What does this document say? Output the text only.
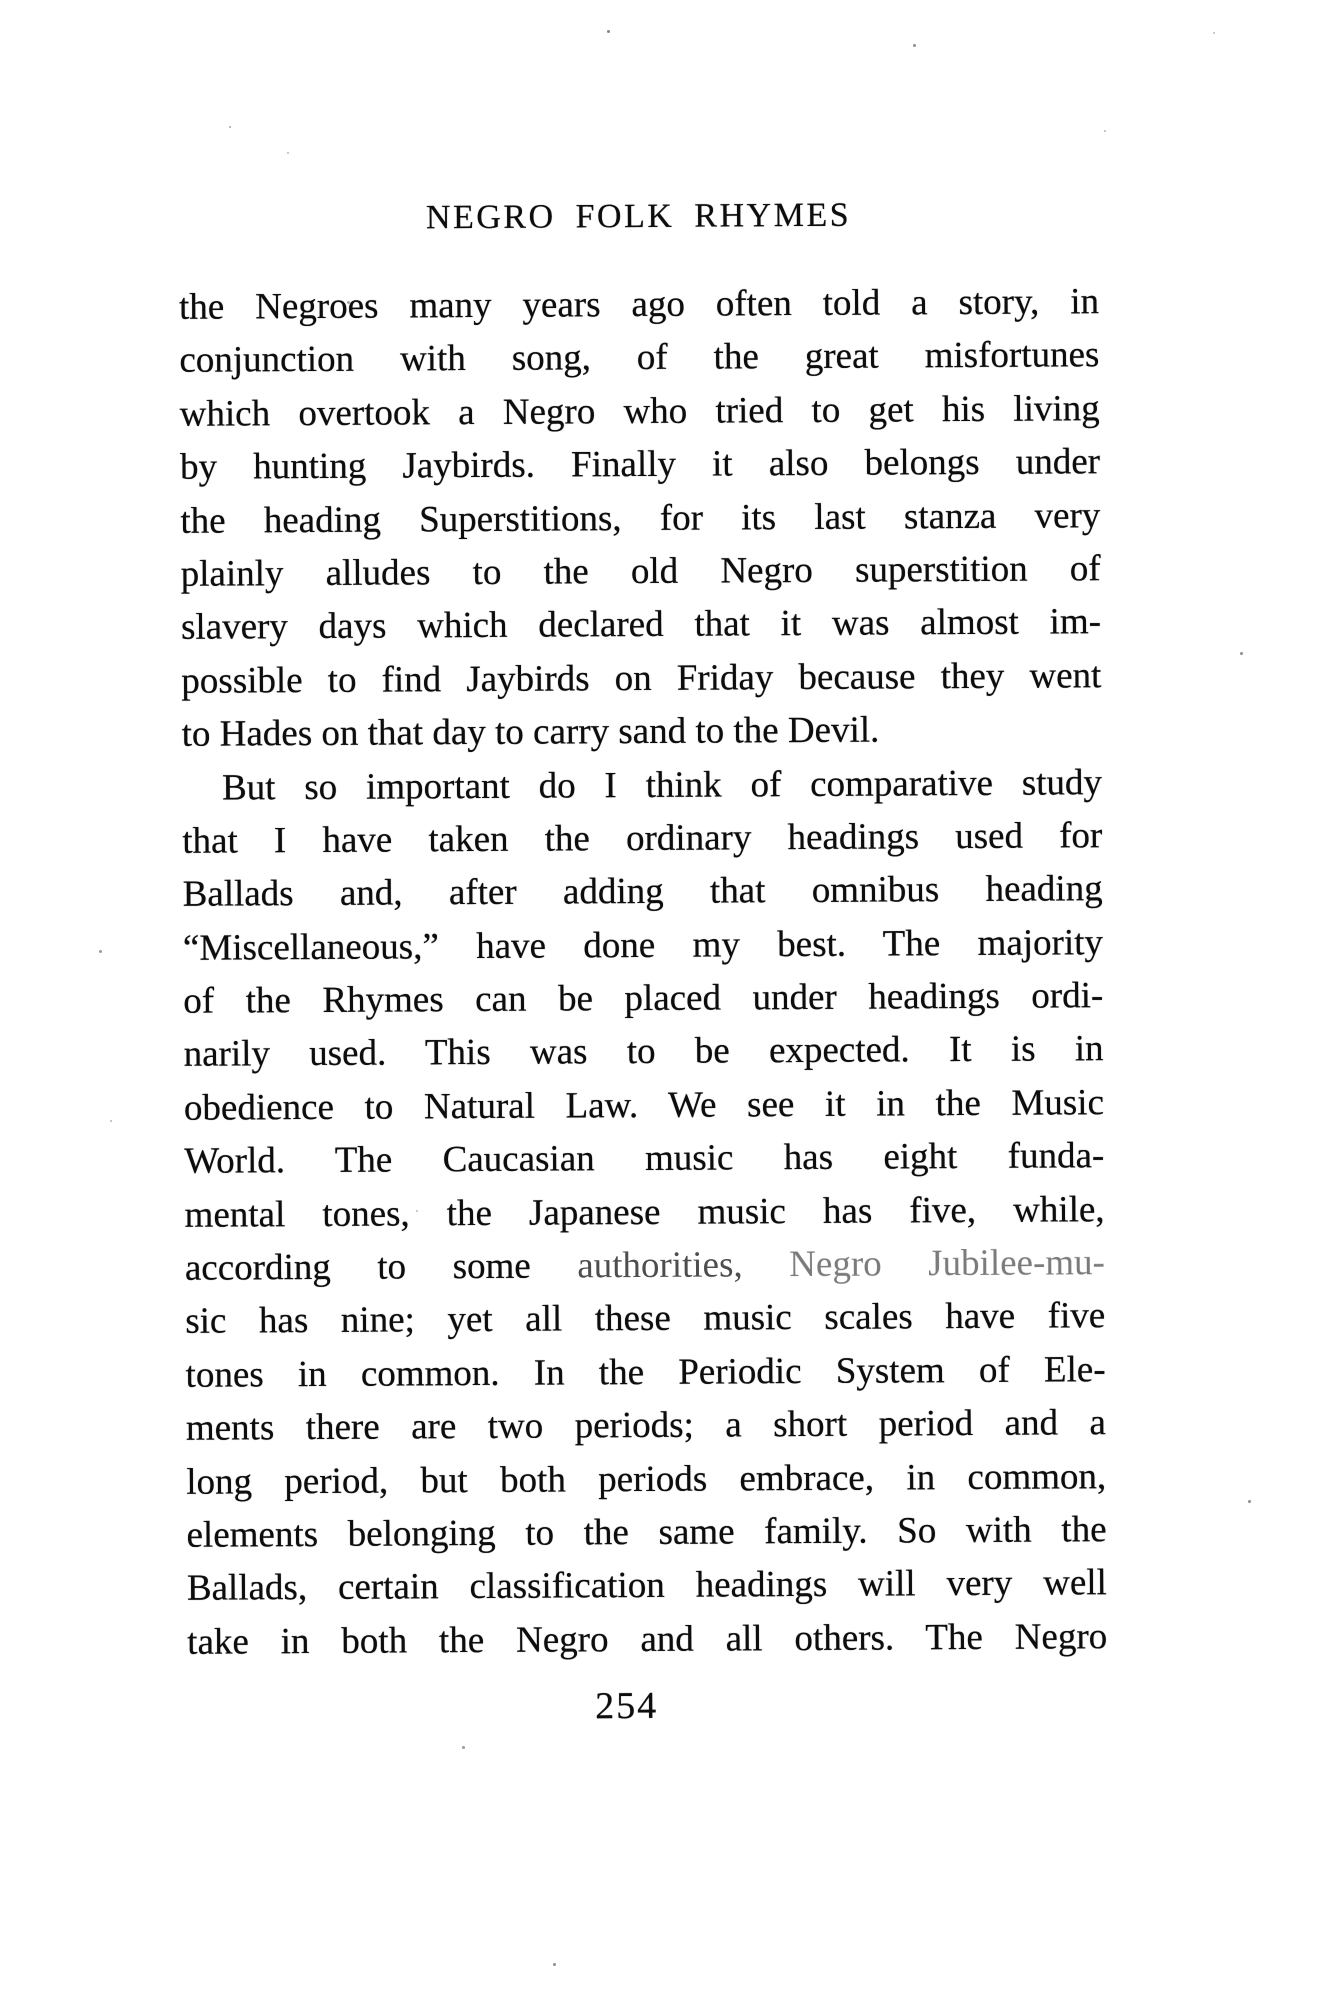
NEGRO FOLK RHYMES
the Negroes many years ago often told a story, in
conjunction with song, of the great misfortunes
which overtook a Negro who tried to get his living
by hunting Jaybirds. Finally it also belongs under
the heading Superstitions, for its last stanza very
plainly alludes to the old Negro superstition of
slavery days which declared that it was almost im-
possible to find Jaybirds on Friday because they went
to Hades on that day to carry sand to the Devil.
But so important do I think of comparative study
that I have taken the ordinary headings used for
Ballads and, after adding that omnibus heading
“Miscellaneous,” have done my best. The majority
of the Rhymes can be placed under headings ordi-
narily used. This was to be expected. It is in
obedience to Natural Law. We see it in the Music
World. The Caucasian music has eight funda-
mental tones, the Japanese music has five, while,
according to some authorities, Negro Jubilee-mu-
sic has nine; yet all these music scales have five
tones in common. In the Periodic System of Ele-
ments there are two periods; a short period and a
long period, but both periods embrace, in common,
elements belonging to the same family. So with the
Ballads, certain classification headings will very well
take in both the Negro and all others. The Negro
254
